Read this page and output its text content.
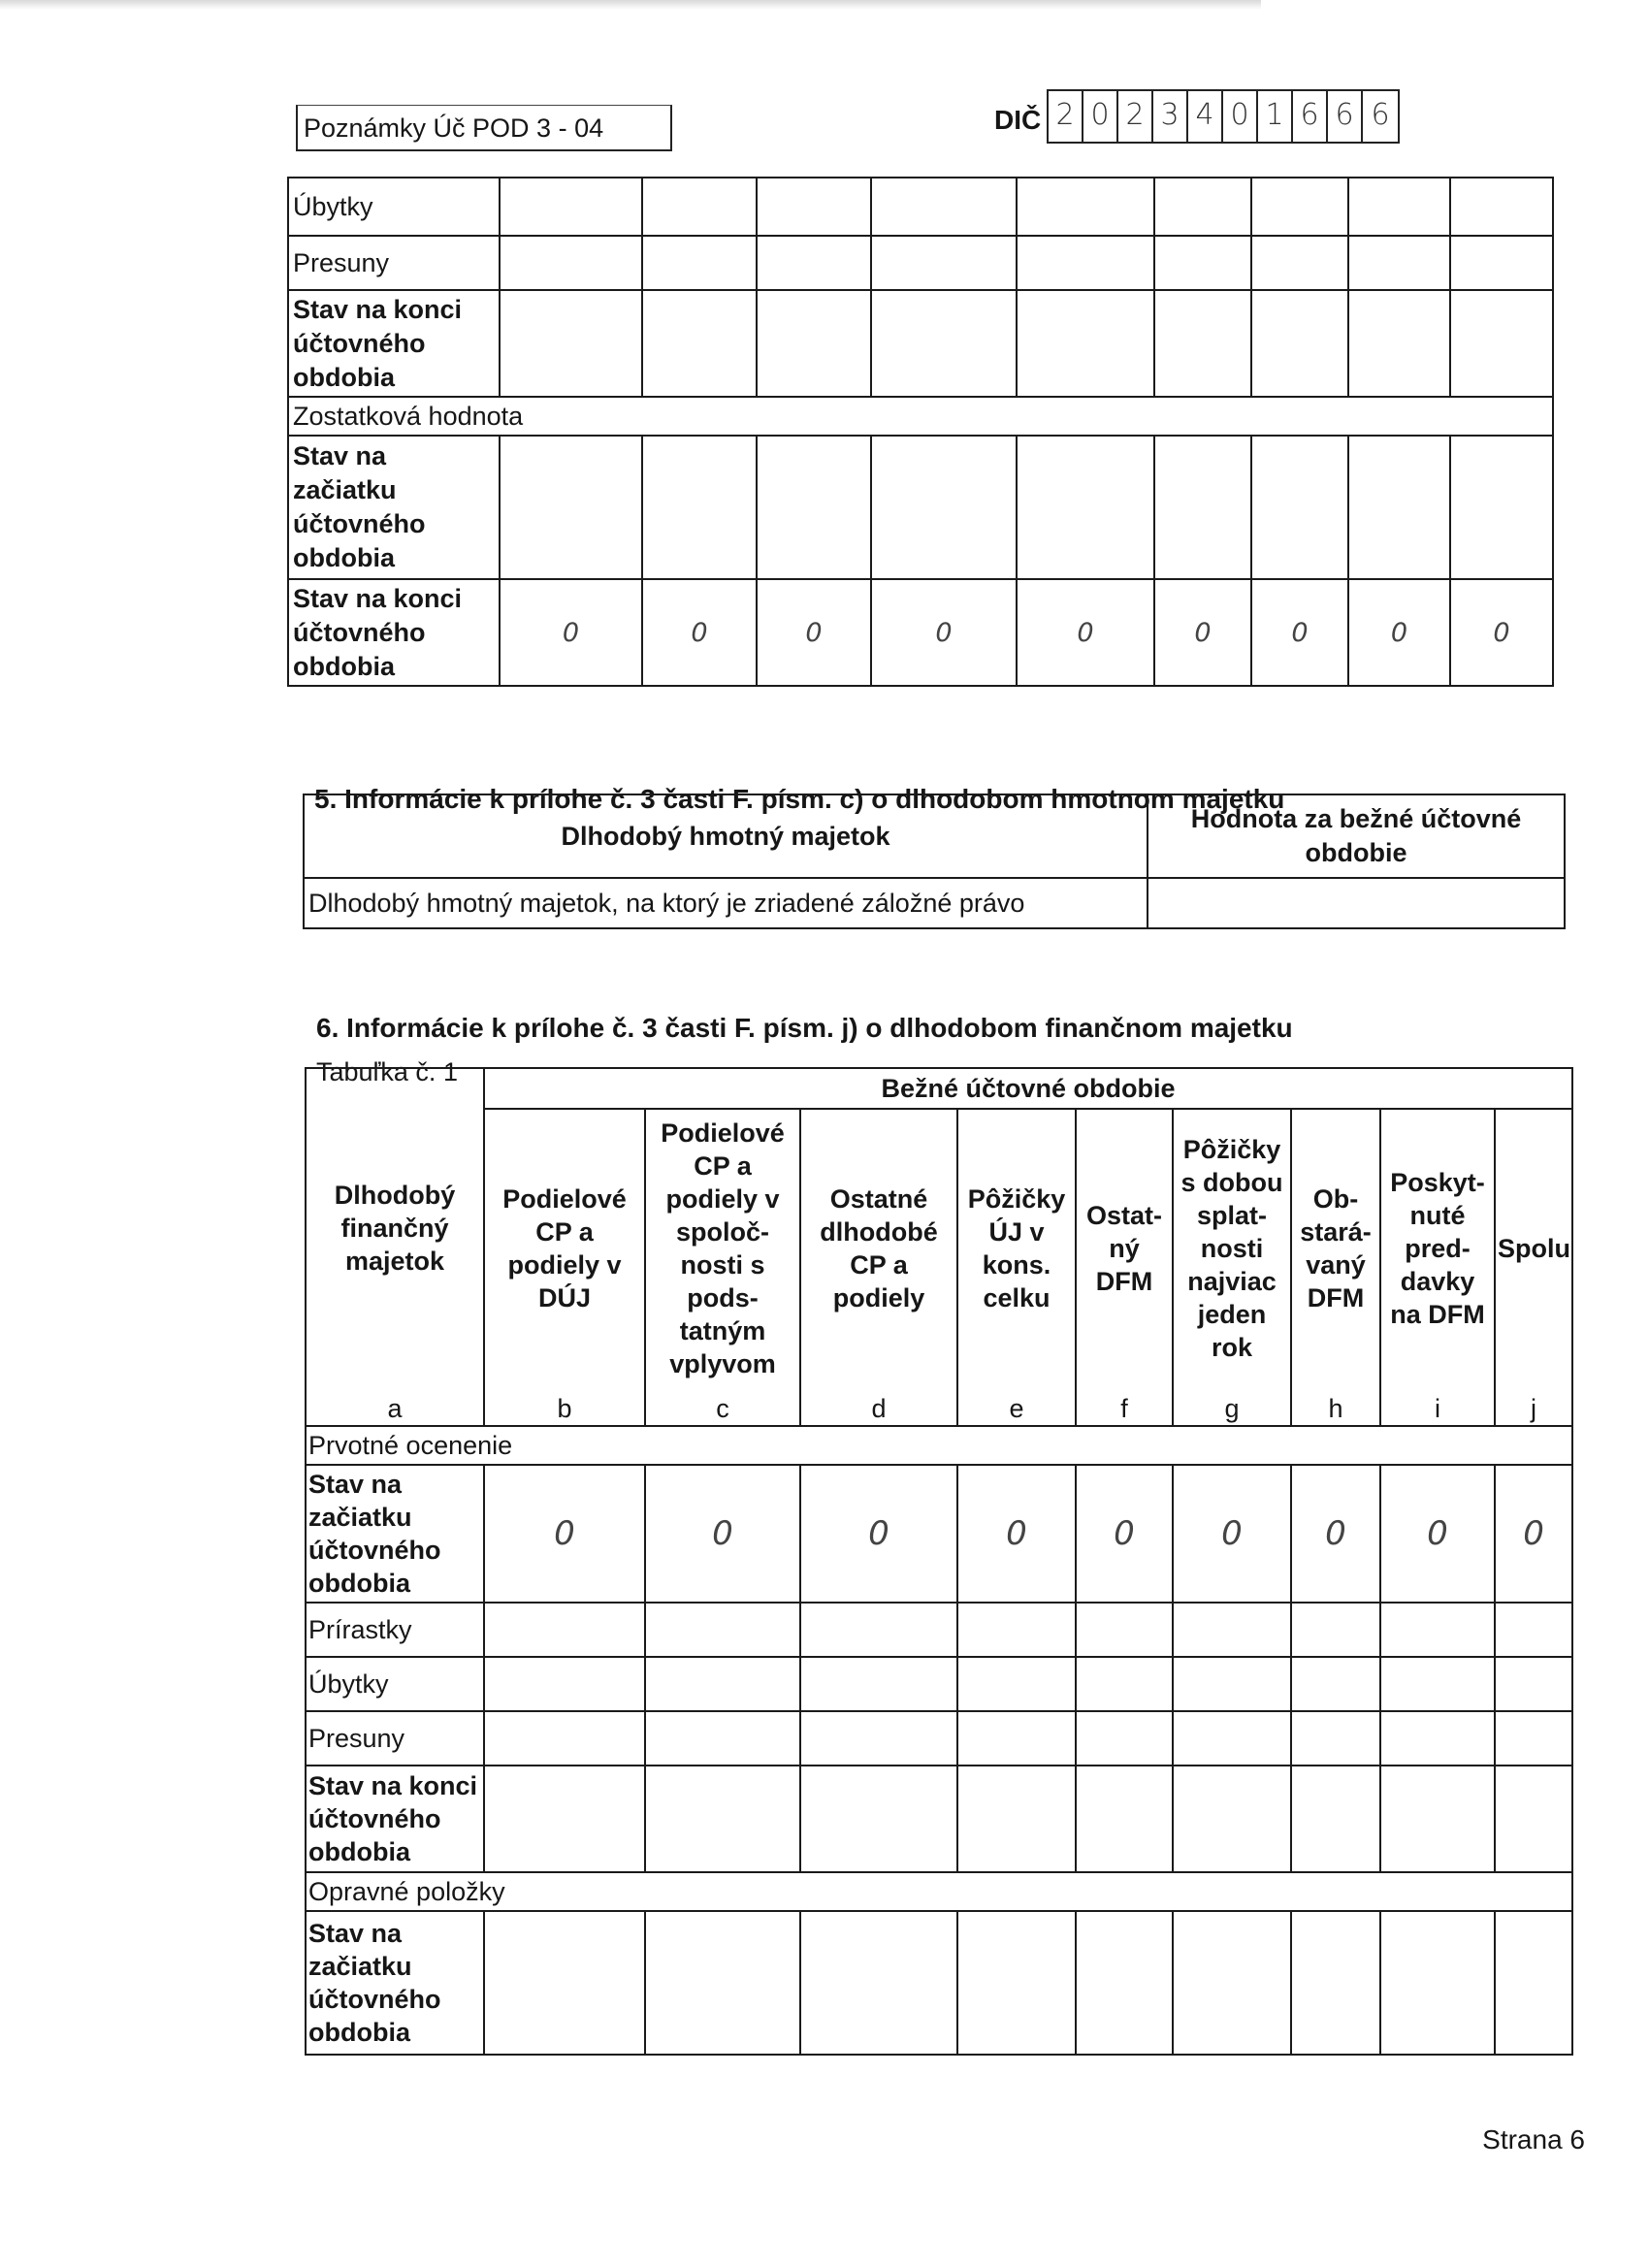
Poznámky Úč POD 3 - 04	DIČ 2 0 2 3 4 0 1 6 6 6
Úbytky									
Presuny									
Stav na konci účtovného obdobia									
Zostatková hodnota									
Stav na začiatku účtovného obdobia									
Stav na konci účtovného obdobia	0	0	0	0	0	0	0	0	0
5. Informácie k prílohe č. 3 časti F. písm. c) o dlhodobom hmotnom majetku
Dlhodobý hmotný majetok	Hodnota za bežné účtovné obdobie
Dlhodobý hmotný majetok, na ktorý je zriadené záložné právo	
6. Informácie k prílohe č. 3 časti F. písm. j) o dlhodobom finančnom majetku
Tabuľka č. 1
Dlhodobý finančný majetok	Bežné účtovné obdobie								
	Podielové CP a podiely v DÚJ	Podielové CP a podiely v spoloč- nosti s pods- tatným vplyvom	Ostatné dlhodobé CP a podiely	Pôžičky ÚJ v kons. celku	Ostat- ný DFM	Pôžičky s dobou splat- nosti najviac jeden rok	Ob- stará- vaný DFM	Poskyt- nuté pred- davky na DFM	Spolu
a	b	c	d	e	f	g	h	i	j
Prvotné ocenenie									
Stav na začiatku účtovného obdobia	0	0	0	0	0	0	0	0	0
Prírastky									
Úbytky									
Presuny									
Stav na konci účtovného obdobia									
Opravné položky									
Stav na začiatku účtovného obdobia									
Strana 6
